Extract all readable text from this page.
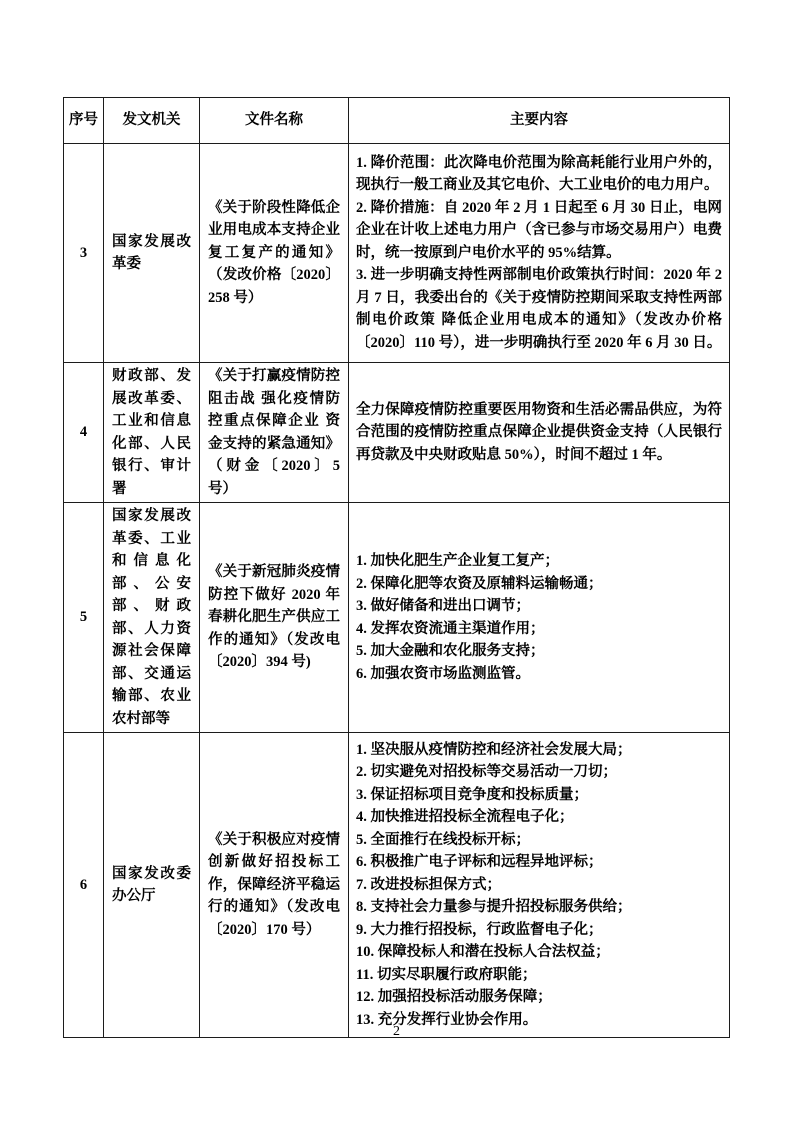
序号	发文机关	文件名称	主要内容
3	国家发展改革委	《关于阶段性降低企业用电成本支持企业复工复产的通知》（发改价格〔2020〕258 号）	1. 降价范围：此次降电价范围为除高耗能行业用户外的，现执行一般工商业及其它电价、大工业电价的电力用户。

2. 降价措施：自 2020 年 2 月 1 日起至 6 月 30 日止，电网企业在计收上述电力用户（含已参与市场交易用户）电费时，统一按原到户电价水平的 95%结算。

3. 进一步明确支持性两部制电价政策执行时间：2020 年 2 月 7 日，我委出台的《关于疫情防控期间采取支持性两部制电价政策 降低企业用电成本的通知》（发改办价格〔2020〕110 号），进一步明确执行至 2020 年 6 月 30 日。

4	财政部、发展改革委、工业和信息化部、人民银行、审计署	《关于打赢疫情防控阻击战 强化疫情防控重点保障企业 资金支持的紧急通知》（财金〔2020〕5 号）	全力保障疫情防控重要医用物资和生活必需品供应，为符合范围的疫情防控重点保障企业提供资金支持（人民银行再贷款及中央财政贴息 50%），时间不超过 1 年。

5	国家发展改革委、工业和信息化部、公安部、财政部、人力资源社会保障部、交通运输部、农业农村部等	《关于新冠肺炎疫情防控下做好 2020 年春耕化肥生产供应工作的通知》（发改电〔2020〕394 号)	

1. 加快化肥生产企业复工复产；

2. 保障化肥等农资及原辅料运输畅通；

3. 做好储备和进出口调节；

4. 发挥农资流通主渠道作用；

5. 加大金融和农化服务支持；

6. 加强农资市场监测监管。

6	国家发改委办公厅	《关于积极应对疫情创新做好招投标工作，保障经济平稳运行的通知》（发改电〔2020〕170 号）	

1. 坚决服从疫情防控和经济社会发展大局；

2. 切实避免对招投标等交易活动一刀切；

3. 保证招标项目竞争度和投标质量；

4. 加快推进招投标全流程电子化；

5. 全面推行在线投标开标；

6. 积极推广电子评标和远程异地评标；

7. 改进投标担保方式；

8. 支持社会力量参与提升招投标服务供给；

9. 大力推行招投标，行政监督电子化；

10. 保障投标人和潜在投标人合法权益；

11. 切实尽职履行政府职能；

12. 加强招投标活动服务保障；

13. 充分发挥行业协会作用。

2
